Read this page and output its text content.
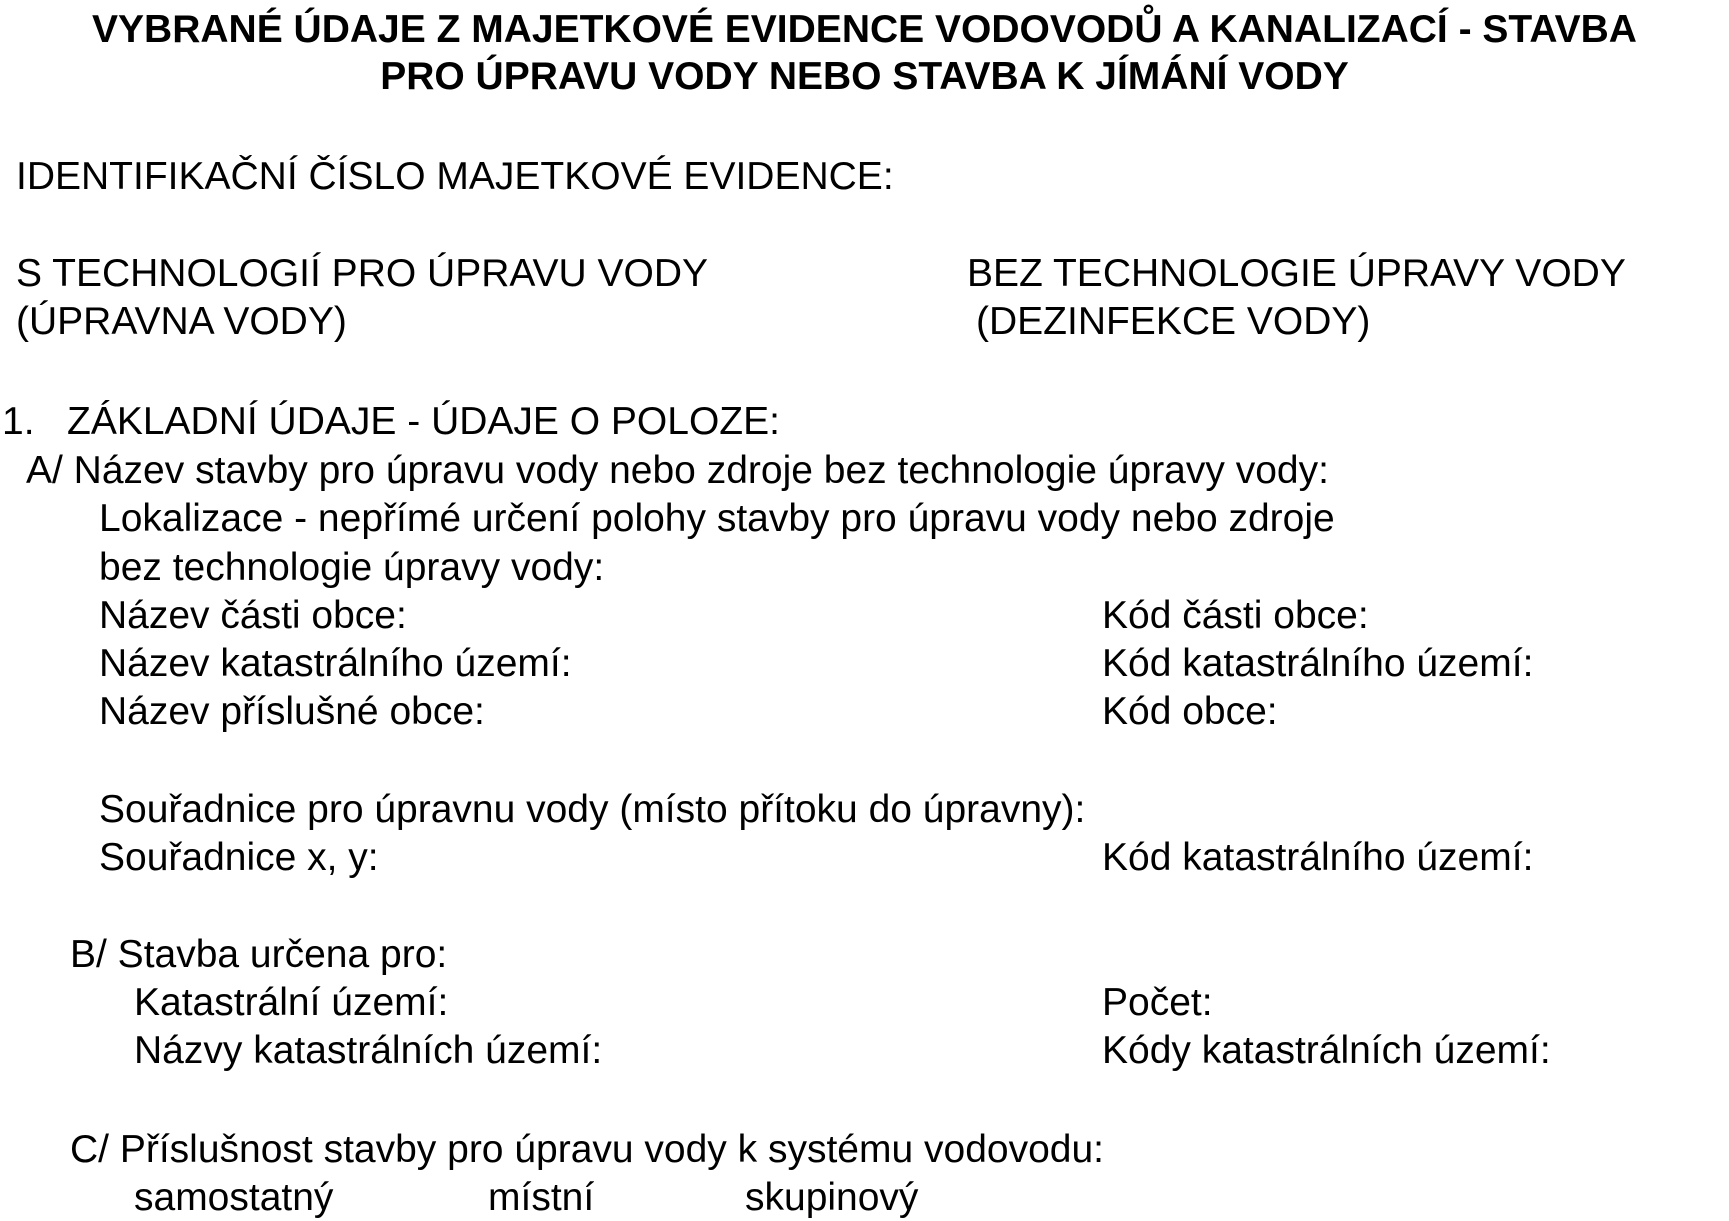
VYBRANÉ ÚDAJE Z MAJETKOVÉ EVIDENCE VODOVODŮ A KANALIZACÍ - STAVBA
PRO ÚPRAVU VODY NEBO STAVBA K JÍMÁNÍ VODY
IDENTIFIKAČNÍ ČÍSLO MAJETKOVÉ EVIDENCE:
S TECHNOLOGIÍ PRO ÚPRAVU VODY
(ÚPRAVNA VODY)
BEZ TECHNOLOGIE ÚPRAVY VODY
(DEZINFEKCE VODY)
1. ZÁKLADNÍ ÚDAJE - ÚDAJE O POLOZE:
A/ Název stavby pro úpravu vody nebo zdroje bez technologie úpravy vody:
Lokalizace - nepřímé určení polohy stavby pro úpravu vody nebo zdroje
bez technologie úpravy vody:
Název části obce:	Kód části obce:
Název katastrálního území:	Kód katastrálního území:
Název příslušné obce:	Kód obce:
Souřadnice pro úpravnu vody (místo přítoku do úpravny):
Souřadnice x, y:	Kód katastrálního území:
B/ Stavba určena pro:
Katastrální území:	Počet:
Názvy katastrálních území:	Kódy katastrálních území:
C/ Příslušnost stavby pro úpravu vody k systému vodovodu:
samostatný	místní	skupinový
